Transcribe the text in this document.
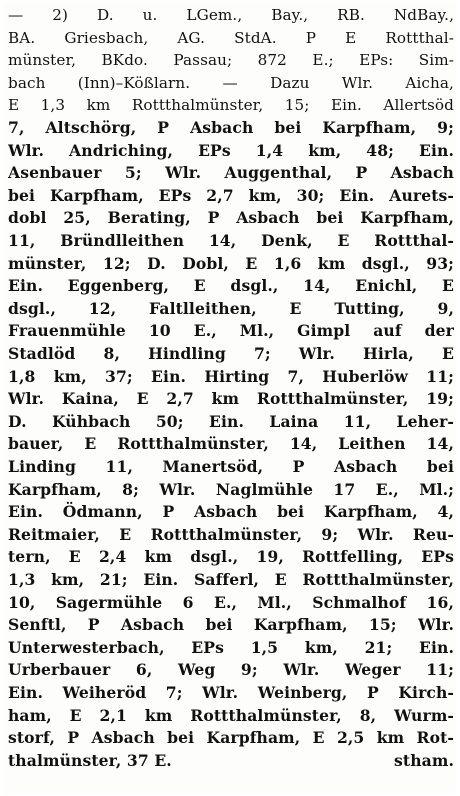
— 2) D. u. LGem., Bay., RB. NdBay.,
BA. Griesbach, AG. StdA. P E Rottthal-
münster, BKdo. Passau; 872 E.; EPs: Sim-
bach (Inn)–Kößlarn. — Dazu Wlr. Aicha,
E 1,3 km Rottthalmünster, 15; Ein. Allertsöd
7, Altschörg, P Asbach bei Karpfham, 9;
Wlr. Andriching, EPs 1,4 km, 48; Ein.
Asenbauer 5; Wlr. Auggenthal, P Asbach
bei Karpfham, EPs 2,7 km, 30; Ein. Aurets-
dobl 25, Berating, P Asbach bei Karpfham,
11, Bründlleithen 14, Denk, E Rottthal-
münster, 12; D. Dobl, E 1,6 km dsgl., 93;
Ein. Eggenberg, E dsgl., 14, Enichl, E
dsgl., 12, Faltlleithen, E Tutting, 9,
Frauenmühle 10 E., Ml., Gimpl auf der
Stadlöd 8, Hindling 7; Wlr. Hirla, E
1,8 km, 37; Ein. Hirting 7, Huberlöw 11;
Wlr. Kaina, E 2,7 km Rottthalmünster, 19;
D. Kühbach 50; Ein. Laina 11, Leher-
bauer, E Rottthalmünster, 14, Leithen 14,
Linding 11, Manertsöd, P Asbach bei
Karpfham, 8; Wlr. Naglmühle 17 E., Ml.;
Ein. Ödmann, P Asbach bei Karpfham, 4,
Reitmaier, E Rottthalmünster, 9; Wlr. Reu-
tern, E 2,4 km dsgl., 19, Rottfelling, EPs
1,3 km, 21; Ein. Safferl, E Rottthalmünster,
10, Sagermühle 6 E., Ml., Schmalhof 16,
Senftl, P Asbach bei Karpfham, 15; Wlr.
Unterwesterbach, EPs 1,5 km, 21; Ein.
Urberbauer 6, Weg 9; Wlr. Weger 11;
Ein. Weiheröd 7; Wlr. Weinberg, P Kirch-
ham, E 2,1 km Rottthalmünster, 8, Wurm-
storf, P Asbach bei Karpfham, E 2,5 km Rot-
thalmünster, 37 E.	stham.
